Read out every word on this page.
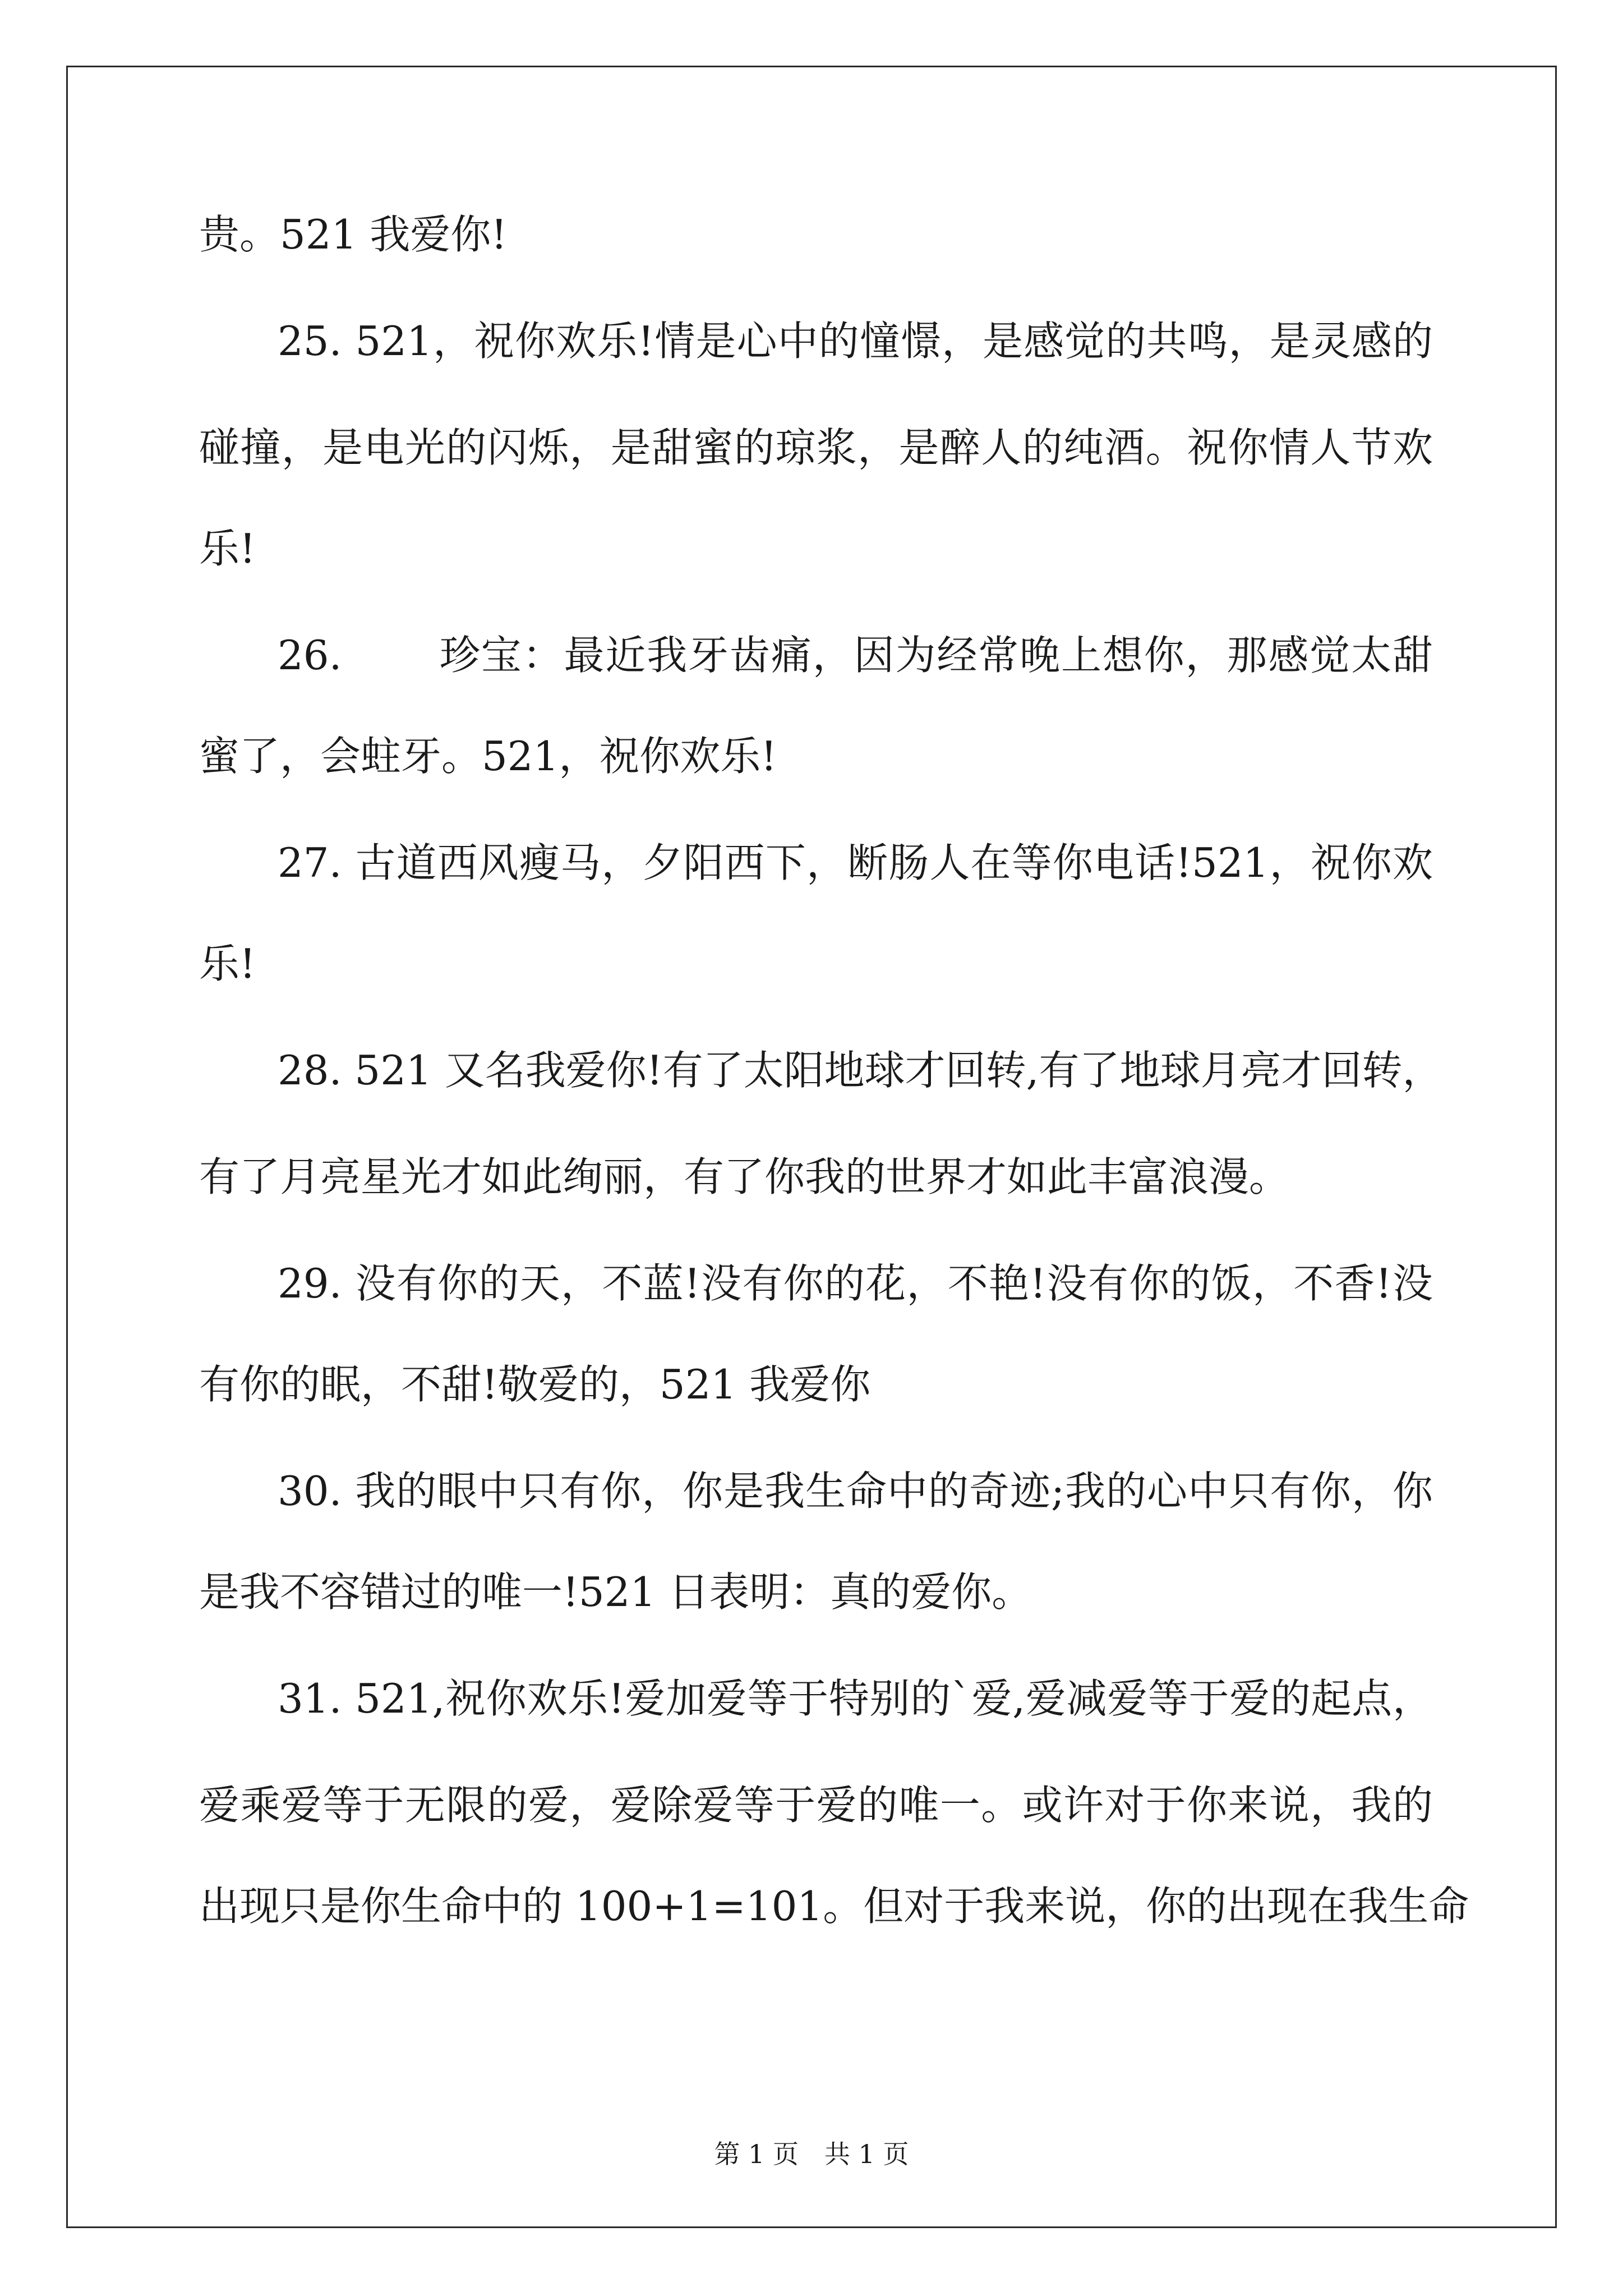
贵。521 我爱你!
25. 521，祝你欢乐!情是心中的憧憬，是感觉的共鸣，是灵感的
碰撞，是电光的闪烁，是甜蜜的琼浆，是醉人的纯酒。祝你情人节欢
乐!
26.　　 珍宝：最近我牙齿痛，因为经常晚上想你，那感觉太甜
蜜了，会蛀牙。521，祝你欢乐!
27. 古道西风瘦马，夕阳西下，断肠人在等你电话!521，祝你欢
乐!
28. 521 又名我爱你!有了太阳地球才回转,有了地球月亮才回转，
有了月亮星光才如此绚丽，有了你我的世界才如此丰富浪漫。
29. 没有你的天，不蓝!没有你的花，不艳!没有你的饭，不香!没
有你的眠，不甜!敬爱的，521 我爱你
30. 我的眼中只有你，你是我生命中的奇迹;我的心中只有你，你
是我不容错过的唯一!521 日表明：真的爱你。
31. 521,祝你欢乐!爱加爱等于特别的`爱,爱减爱等于爱的起点，
爱乘爱等于无限的爱，爱除爱等于爱的唯一。或许对于你来说，我的
出现只是你生命中的 100+1=101。但对于我来说，你的出现在我生命
第 1 页　共 1 页
